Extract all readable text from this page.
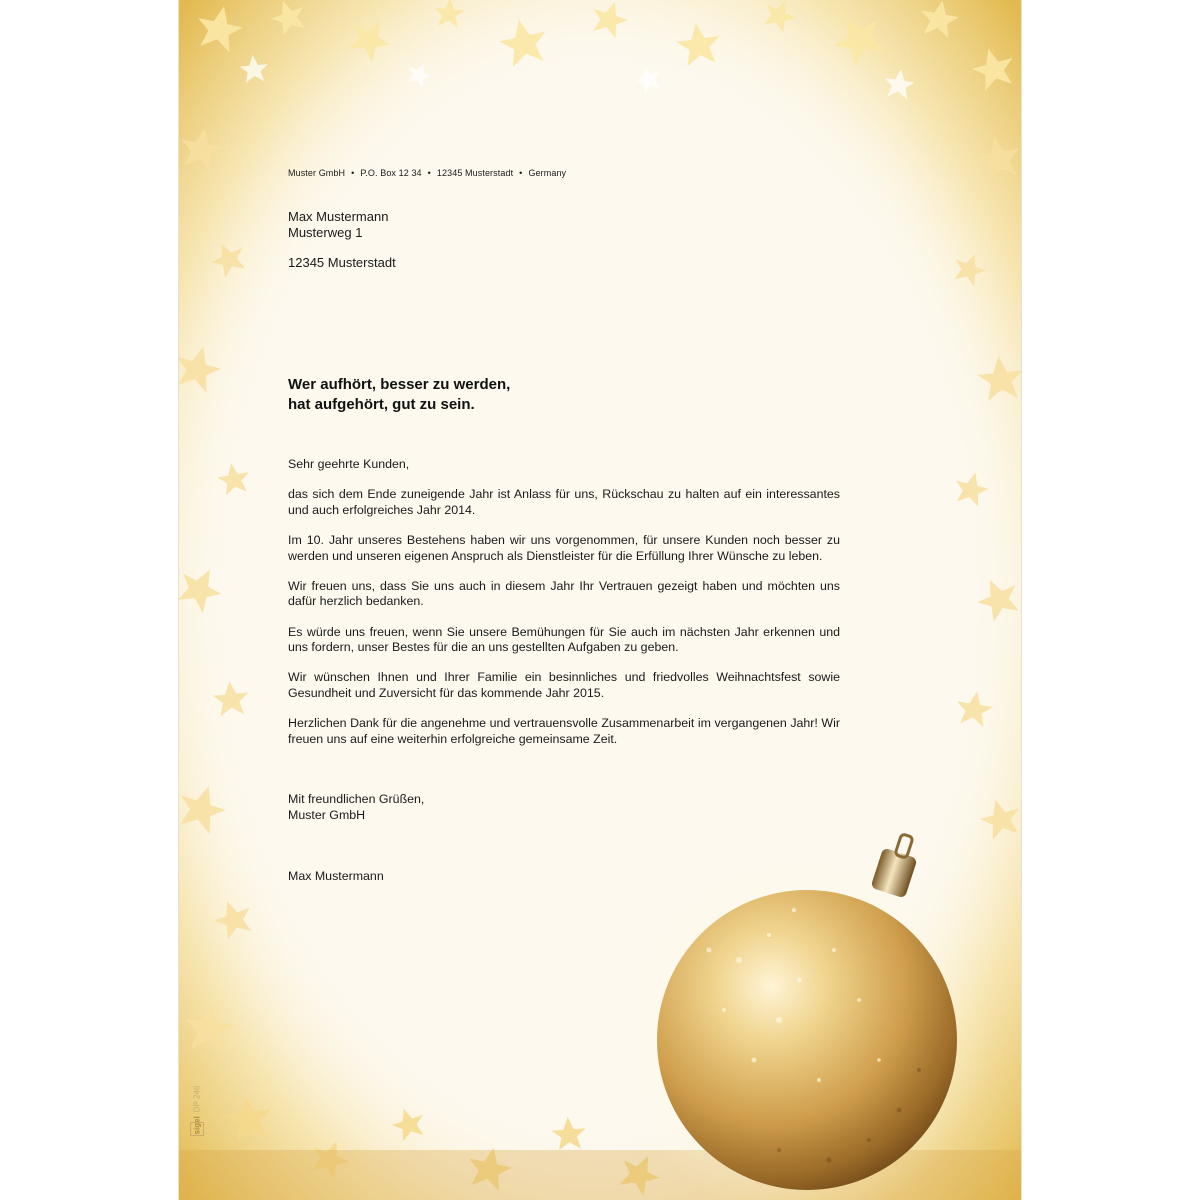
Muster GmbH • P.O. Box 12 34 • 12345 Musterstadt • Germany
Max Mustermann
Musterweg 1
12345 Musterstadt
Wer aufhört, besser zu werden,
hat aufgehört, gut zu sein.

Sehr geehrte Kunden,

das sich dem Ende zuneigende Jahr ist Anlass für uns, Rückschau zu halten auf ein interessantes und auch erfolgreiches Jahr 2014.

Im 10. Jahr unseres Bestehens haben wir uns vorgenommen, für unsere Kunden noch besser zu werden und unseren eigenen Anspruch als Dienstleister für die Erfüllung Ihrer Wünsche zu leben.

Wir freuen uns, dass Sie uns auch in diesem Jahr Ihr Vertrauen gezeigt haben und möchten uns dafür herzlich bedanken.

Es würde uns freuen, wenn Sie unsere Bemühungen für Sie auch im nächsten Jahr erkennen und uns fordern, unser Bestes für die an uns gestellten Aufgaben zu geben.

Wir wünschen Ihnen und Ihrer Familie ein besinnliches und friedvolles Weihnachtsfest sowie Gesundheit und Zuversicht für das kommende Jahr 2015.

Herzlichen Dank für die angenehme und vertrauensvolle Zusammenarbeit im vergangenen Jahr! Wir freuen uns auf eine weiterhin erfolgreiche gemeinsame Zeit.

Mit freundlichen Grüßen,
Muster GmbH
Max Mustermann
sigelDP 246
